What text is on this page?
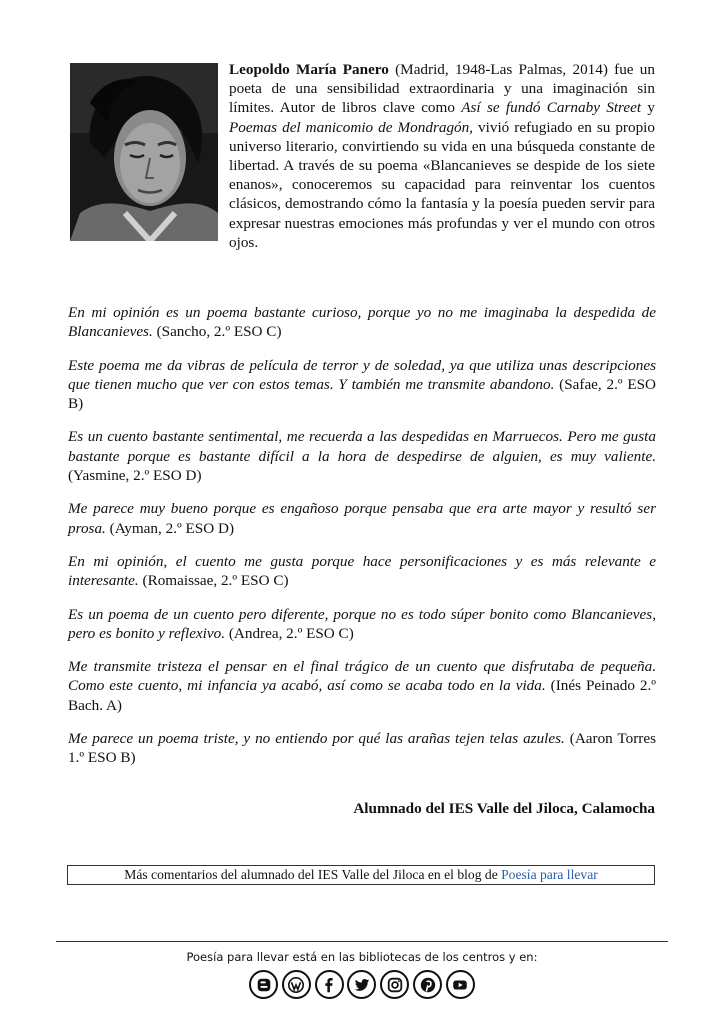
Leopoldo María Panero (Madrid, 1948-Las Palmas, 2014) fue un poeta de una sensibilidad extraordinaria y una imaginación sin límites. Autor de libros clave como Así se fundó Carnaby Street y Poemas del manicomio de Mondragón, vivió refugiado en su propio universo literario, convirtiendo su vida en una búsqueda constante de libertad. A través de su poema «Blancanieves se despide de los siete enanos», conoceremos su capacidad para reinventar los cuentos clásicos, demostrando cómo la fantasía y la poesía pueden servir para expresar nuestras emociones más profundas y ver el mundo con otros ojos.

En mi opinión es un poema bastante curioso, porque yo no me imaginaba la despedida de Blancanieves. (Sancho, 2.º ESO C)

Este poema me da vibras de película de terror y de soledad, ya que utiliza unas descripciones que tienen mucho que ver con estos temas. Y también me transmite abandono. (Safae, 2.º ESO B)

Es un cuento bastante sentimental, me recuerda a las despedidas en Marruecos. Pero me gusta bastante porque es bastante difícil a la hora de despedirse de alguien, es muy valiente. (Yasmine, 2.º ESO D)

Me parece muy bueno porque es engañoso porque pensaba que era arte mayor y resultó ser prosa. (Ayman, 2.º ESO D)

En mi opinión, el cuento me gusta porque hace personificaciones y es más relevante e interesante. (Romaissae, 2.º ESO C)

Es un poema de un cuento pero diferente, porque no es todo súper bonito como Blancanieves, pero es bonito y reflexivo. (Andrea, 2.º ESO C)

Me transmite tristeza el pensar en el final trágico de un cuento que disfrutaba de pequeña. Como este cuento, mi infancia ya acabó, así como se acaba todo en la vida. (Inés Peinado 2.º Bach. A)

Me parece un poema triste, y no entiendo por qué las arañas tejen telas azules. (Aaron Torres 1.º ESO B)

Alumnado del IES Valle del Jiloca, Calamocha
Más comentarios del alumnado del IES Valle del Jiloca en el blog de Poesía para llevar
Poesía para llevar está en las bibliotecas de los centros y en:
